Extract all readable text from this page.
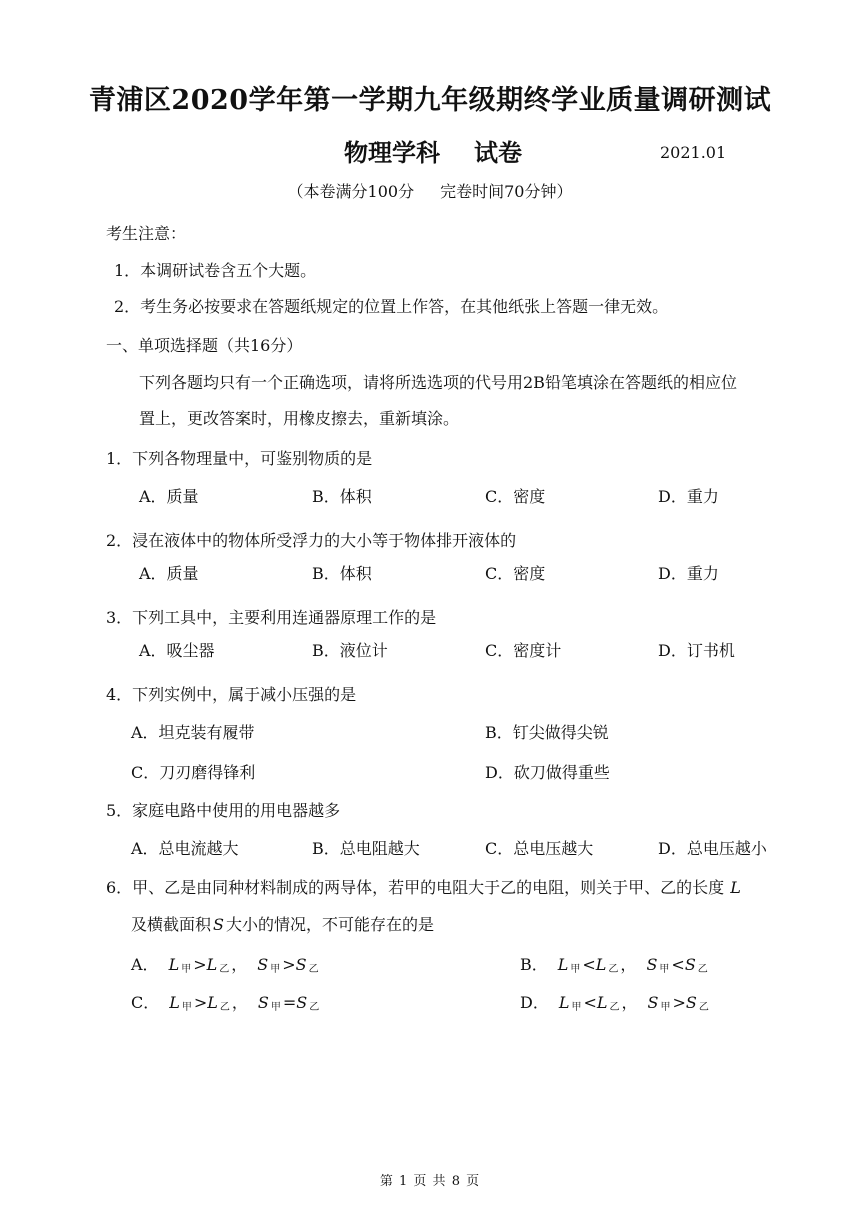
青浦区2020学年第一学期九年级期终学业质量调研测试
物理学科 试卷	2021.01
（本卷满分100分 完卷时间70分钟）
考生注意：
1．本调研试卷含五个大题。
2．考生务必按要求在答题纸规定的位置上作答，在其他纸张上答题一律无效。
一、单项选择题（共16分）
下列各题均只有一个正确选项，请将所选选项的代号用2B铅笔填涂在答题纸的相应位
置上，更改答案时，用橡皮擦去，重新填涂。
1．下列各物理量中，可鉴别物质的是
A．质量	B．体积	C．密度	D．重力
2．浸在液体中的物体所受浮力的大小等于物体排开液体的
A．质量	B．体积	C．密度	D．重力
3．下列工具中，主要利用连通器原理工作的是
A．吸尘器	B．液位计	C．密度计	D．订书机
4．下列实例中，属于减小压强的是
A．坦克装有履带	B．钉尖做得尖锐
C．刀刃磨得锋利	D．砍刀做得重些
5．家庭电路中使用的用电器越多
A．总电流越大	B．总电阻越大	C．总电压越大	D．总电压越小
6．甲、乙是由同种材料制成的两导体，若甲的电阻大于乙的电阻，则关于甲、乙的长度 L
及横截面积 S 大小的情况，不可能存在的是
A． L 甲 >L 乙 ， S 甲 >S 乙	B． L 甲 <L 乙 ， S 甲 <S 乙
C． L 甲 >L 乙 ， S 甲 =S 乙	D． L 甲 <L 乙 ， S 甲 >S 乙
第 1 页 共 8 页
